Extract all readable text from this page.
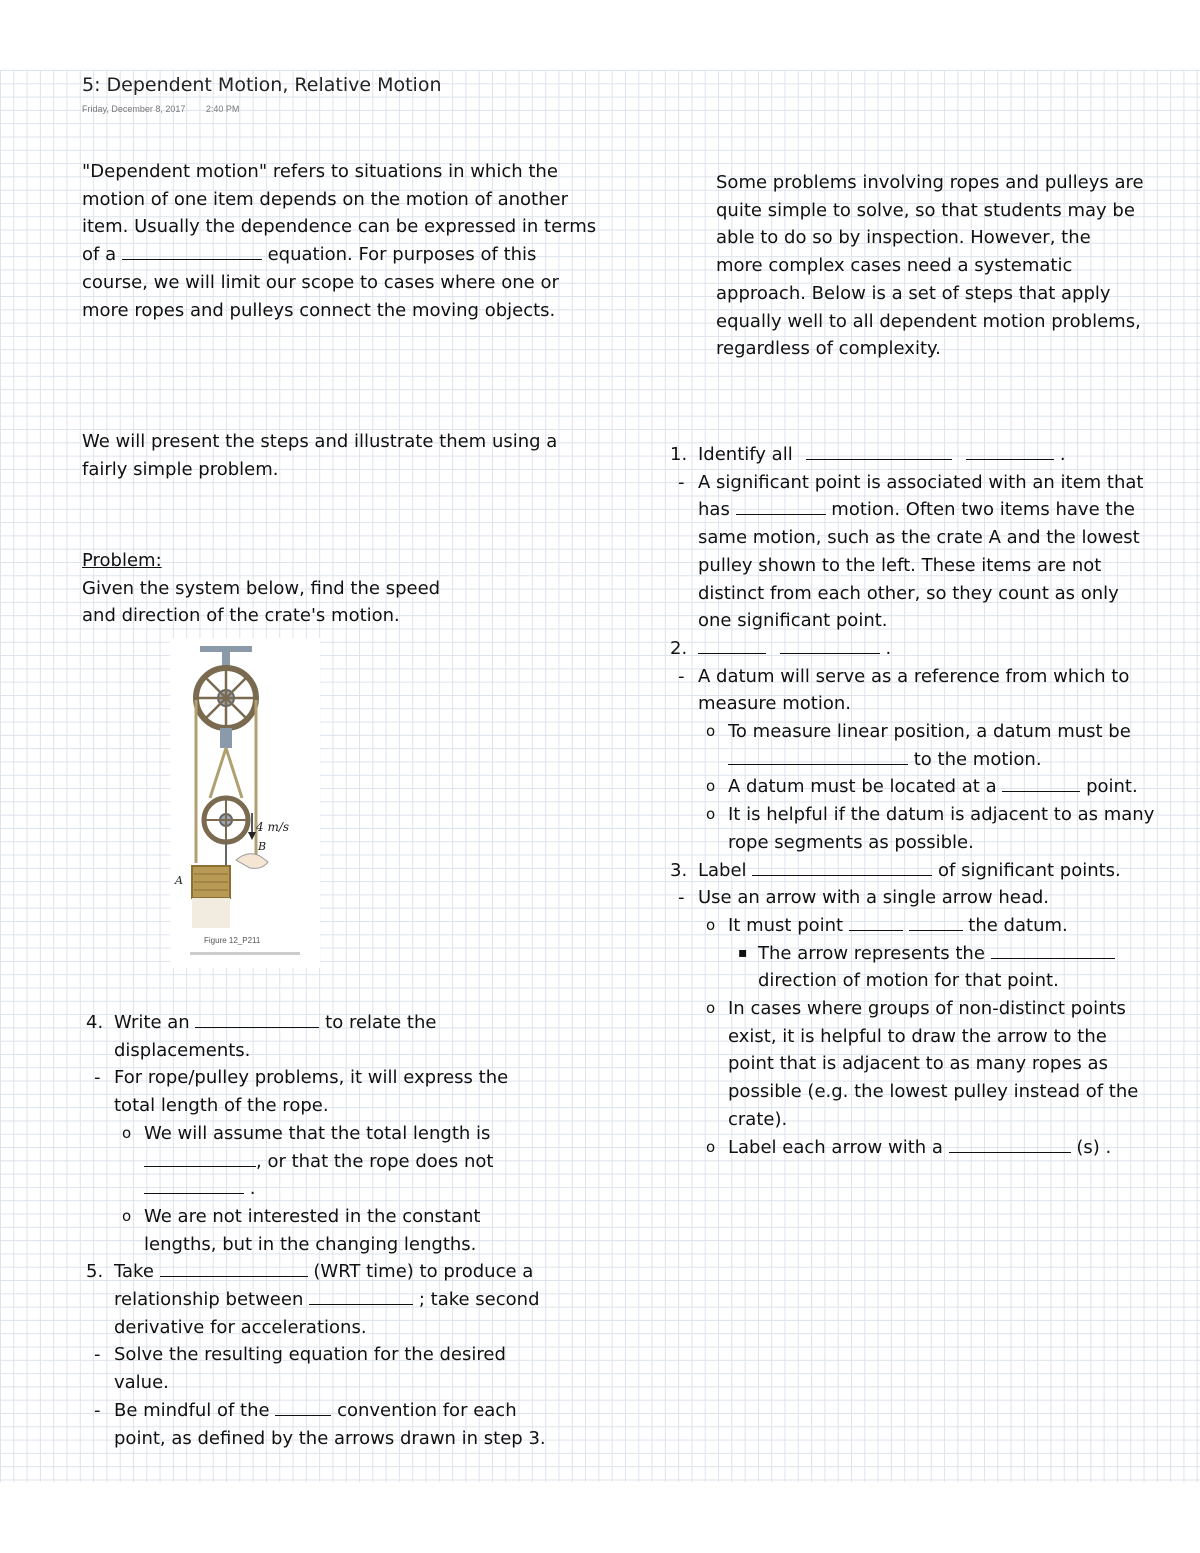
5: Dependent Motion, Relative Motion
Friday, December 8, 2017 2:40 PM
"Dependent motion" refers to situations in which the
motion of one item depends on the motion of another
item. Usually the dependence can be expressed in terms
of a	equation. For purposes of this
course, we will limit our scope to cases where one or
more ropes and pulleys connect the moving objects.
Some problems involving ropes and pulleys are
quite simple to solve, so that students may be
able to do so by inspection. However, the
more complex cases need a systematic
approach. Below is a set of steps that apply
equally well to all dependent motion problems,
regardless of complexity.
We will present the steps and illustrate them using a
fairly simple problem.
Problem:
Given the system below, find the speed
and direction of the crate's motion.
4 m/s
B
A
Figure 12_P211
1. Identify all	.
- A significant point is associated with an item that
has	motion. Often two items have the
same motion, such as the crate A and the lowest
pulley shown to the left. These items are not
distinct from each other, so they count as only
one significant point.
2.	.
- A datum will serve as a reference from which to
measure motion.
o To measure linear position, a datum must be
to the motion.
o A datum must be located at a	point.
o It is helpful if the datum is adjacent to as many
rope segments as possible.
3. Label	of significant points.
- Use an arrow with a single arrow head.
o It must point	the datum.
▪ The arrow represents the
direction of motion for that point.
o In cases where groups of non-distinct points
exist, it is helpful to draw the arrow to the
point that is adjacent to as many ropes as
possible (e.g. the lowest pulley instead of the
crate).
o Label each arrow with a	(s) .
4. Write an	to relate the
displacements.
- For rope/pulley problems, it will express the
total length of the rope.
o We will assume that the total length is
, or that the rope does not
.
o We are not interested in the constant
lengths, but in the changing lengths.
5. Take	(WRT time) to produce a
relationship between	; take second
derivative for accelerations.
- Solve the resulting equation for the desired
value.
- Be mindful of the	convention for each
point, as defined by the arrows drawn in step 3.
